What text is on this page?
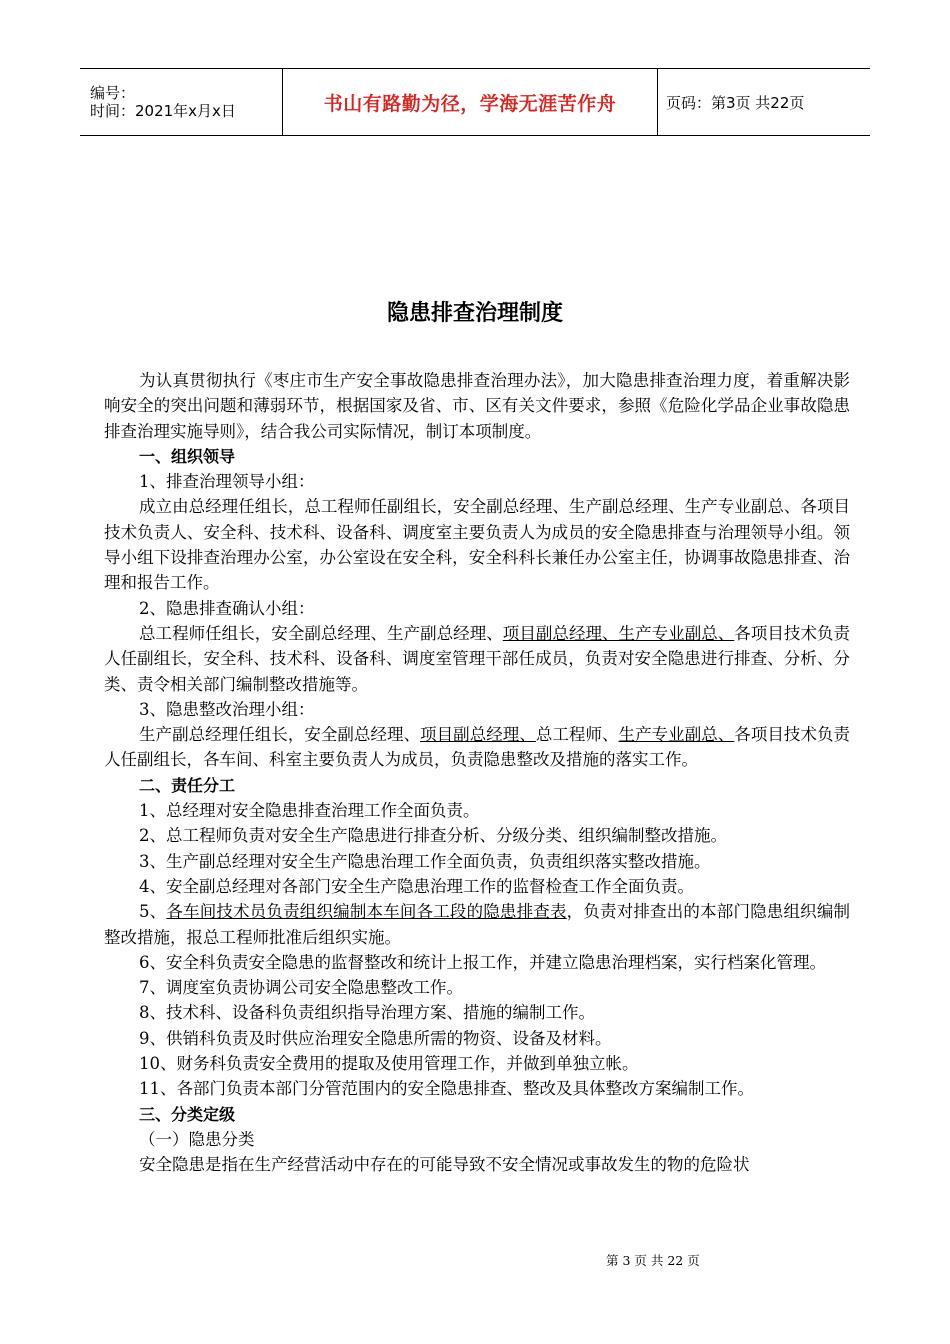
编号：
时间：2021年x月x日	书山有路勤为径，学海无涯苦作舟	页码：第3页 共22页
隐患排查治理制度

为认真贯彻执行《枣庄市生产安全事故隐患排查治理办法》，加大隐患排查治理力度，着重解决影响安全的突出问题和薄弱环节，根据国家及省、市、区有关文件要求，参照《危险化学品企业事故隐患排查治理实施导则》，结合我公司实际情况，制订本项制度。

一、组织领导

1、排查治理领导小组：

成立由总经理任组长，总工程师任副组长，安全副总经理、生产副总经理、生产专业副总、各项目技术负责人、安全科、技术科、设备科、调度室主要负责人为成员的安全隐患排查与治理领导小组。领导小组下设排查治理办公室，办公室设在安全科，安全科科长兼任办公室主任，协调事故隐患排查、治理和报告工作。

2、隐患排查确认小组：

总工程师任组长，安全副总经理、生产副总经理、项目副总经理、生产专业副总、各项目技术负责人任副组长，安全科、技术科、设备科、调度室管理干部任成员，负责对安全隐患进行排查、分析、分类、责令相关部门编制整改措施等。

3、隐患整改治理小组：

生产副总经理任组长，安全副总经理、项目副总经理、总工程师、生产专业副总、各项目技术负责人任副组长，各车间、科室主要负责人为成员，负责隐患整改及措施的落实工作。

二、责任分工

1、总经理对安全隐患排查治理工作全面负责。

2、总工程师负责对安全生产隐患进行排查分析、分级分类、组织编制整改措施。

3、生产副总经理对安全生产隐患治理工作全面负责，负责组织落实整改措施。

4、安全副总经理对各部门安全生产隐患治理工作的监督检查工作全面负责。

5、各车间技术员负责组织编制本车间各工段的隐患排查表，负责对排查出的本部门隐患组织编制整改措施，报总工程师批准后组织实施。

6、安全科负责安全隐患的监督整改和统计上报工作，并建立隐患治理档案，实行档案化管理。

7、调度室负责协调公司安全隐患整改工作。

8、技术科、设备科负责组织指导治理方案、措施的编制工作。

9、供销科负责及时供应治理安全隐患所需的物资、设备及材料。

10、财务科负责安全费用的提取及使用管理工作，并做到单独立帐。

11、各部门负责本部门分管范围内的安全隐患排查、整改及具体整改方案编制工作。

三、分类定级

（一）隐患分类

安全隐患是指在生产经营活动中存在的可能导致不安全情况或事故发生的物的危险状

第 3 页 共 22 页
